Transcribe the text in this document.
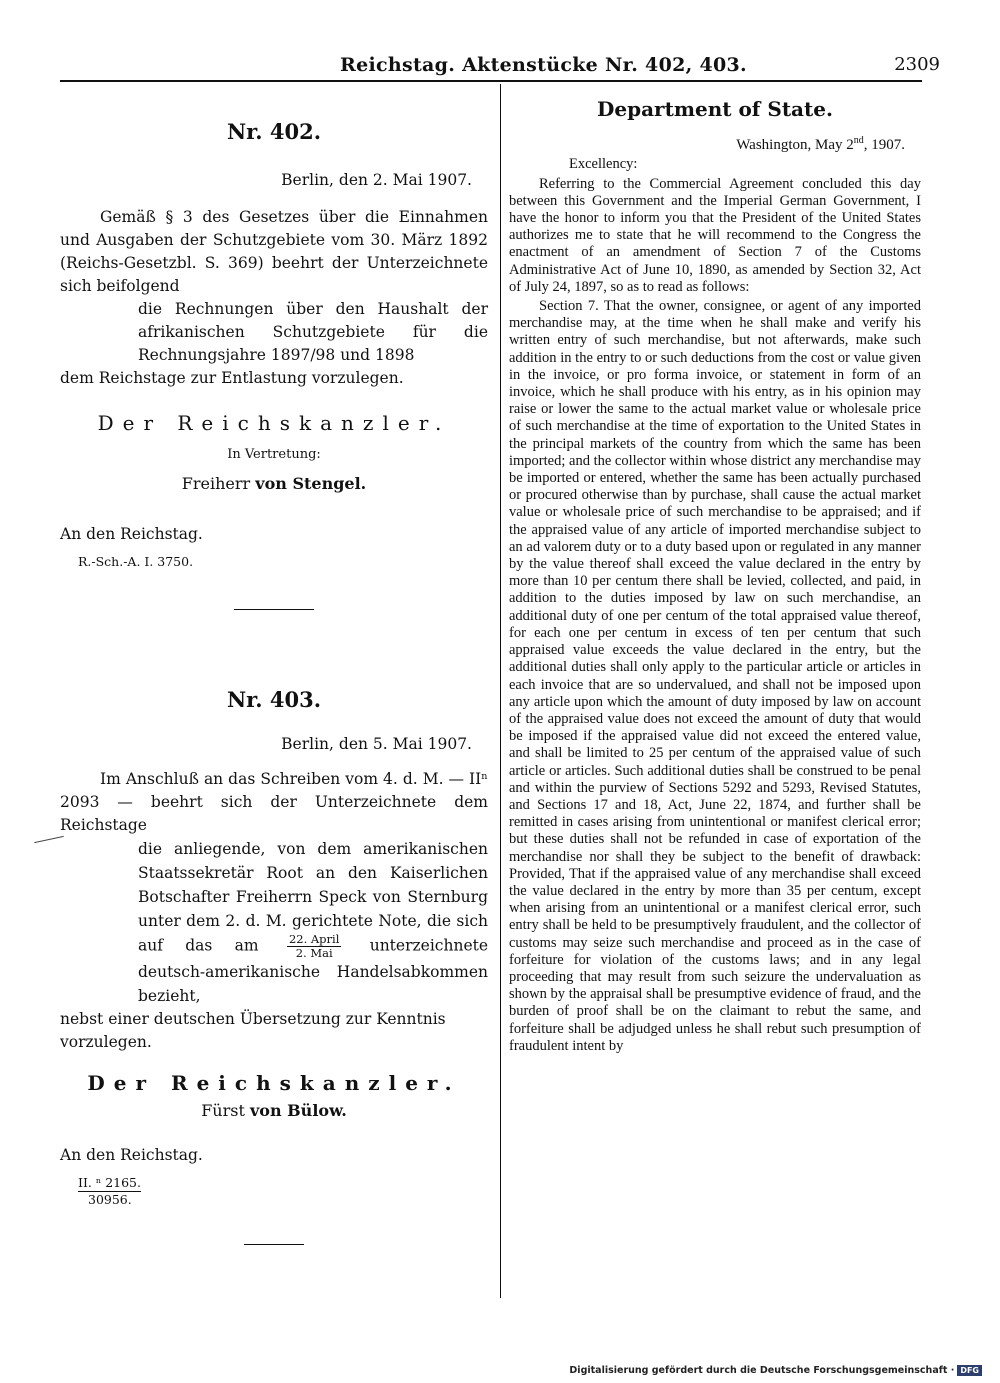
Reichstag. Aktenstücke Nr. 402, 403.	2309

Nr. 402.

Berlin, den 2. Mai 1907.

Gemäß § 3 des Gesetzes über die Einnahmen und Ausgaben der Schutzgebiete vom 30. März 1892 (Reichs-Gesetzbl. S. 369) beehrt der Unterzeichnete sich beifolgend

die Rechnungen über den Haushalt der afrikanischen Schutzgebiete für die Rechnungsjahre 1897/98 und 1898

dem Reichstage zur Entlastung vorzulegen.

Der Reichskanzler.

In Vertretung:

Freiherr von Stengel.

An den Reichstag.

R.-Sch.-A. I. 3750.

Nr. 403.

Berlin, den 5. Mai 1907.

Im Anschluß an das Schreiben vom 4. d. M. — IIⁿ 2093 — beehrt sich der Unterzeichnete dem Reichstage

die anliegende, von dem amerikanischen Staatssekretär Root an den Kaiserlichen Botschafter Freiherrn Speck von Sternburg unter dem 2. d. M. gerichtete Note, die sich auf das am $\frac{\text{22. April}}{\text{2. Mai}}$ unterzeichnete deutsch-amerikanische Handelsabkommen bezieht,

nebst einer deutschen Übersetzung zur Kenntnis vorzulegen.

Der Reichskanzler.

Fürst von Bülow.

An den Reichstag.

II. ⁿ 2165.
30956.

Department of State.

Washington, May 2nd, 1907.

Excellency:

Referring to the Commercial Agreement concluded this day between this Government and the Imperial German Government, I have the honor to inform you that the President of the United States authorizes me to state that he will recommend to the Congress the enactment of an amendment of Section 7 of the Customs Administrative Act of June 10, 1890, as amended by Section 32, Act of July 24, 1897, so as to read as follows:

Section 7. That the owner, consignee, or agent of any imported merchandise may, at the time when he shall make and verify his written entry of such merchandise, but not afterwards, make such addition in the entry to or such deductions from the cost or value given in the invoice, or pro forma invoice, or statement in form of an invoice, which he shall produce with his entry, as in his opinion may raise or lower the same to the actual market value or wholesale price of such merchandise at the time of exportation to the United States in the principal markets of the country from which the same has been imported; and the collector within whose district any merchandise may be imported or entered, whether the same has been actually purchased or procured otherwise than by purchase, shall cause the actual market value or wholesale price of such merchandise to be appraised; and if the appraised value of any article of imported merchandise subject to an ad valorem duty or to a duty based upon or regulated in any manner by the value thereof shall exceed the value declared in the entry by more than 10 per centum there shall be levied, collected, and paid, in addition to the duties imposed by law on such merchandise, an additional duty of one per centum of the total appraised value thereof, for each one per centum in excess of ten per centum that such appraised value exceeds the value declared in the entry, but the additional duties shall only apply to the particular article or articles in each invoice that are so undervalued, and shall not be imposed upon any article upon which the amount of duty imposed by law on account of the appraised value does not exceed the amount of duty that would be imposed if the appraised value did not exceed the entered value, and shall be limited to 25 per centum of the appraised value of such article or articles. Such additional duties shall be construed to be penal and within the purview of Sections 5292 and 5293, Revised Statutes, and Sections 17 and 18, Act, June 22, 1874, and further shall be remitted in cases arising from unintentional or manifest clerical error; but these duties shall not be refunded in case of exportation of the merchandise nor shall they be subject to the benefit of drawback: Provided, That if the appraised value of any merchandise shall exceed the value declared in the entry by more than 35 per centum, except when arising from an unintentional or a manifest clerical error, such entry shall be held to be presumptively fraudulent, and the collector of customs may seize such merchandise and proceed as in the case of forfeiture for violation of the customs laws; and in any legal proceeding that may result from such seizure the undervaluation as shown by the appraisal shall be presumptive evidence of fraud, and the burden of proof shall be on the claimant to rebut the same, and forfeiture shall be adjudged unless he shall rebut such presumption of fraudulent intent by

Digitalisierung gefördert durch die Deutsche Forschungsgemeinschaft · DFG
